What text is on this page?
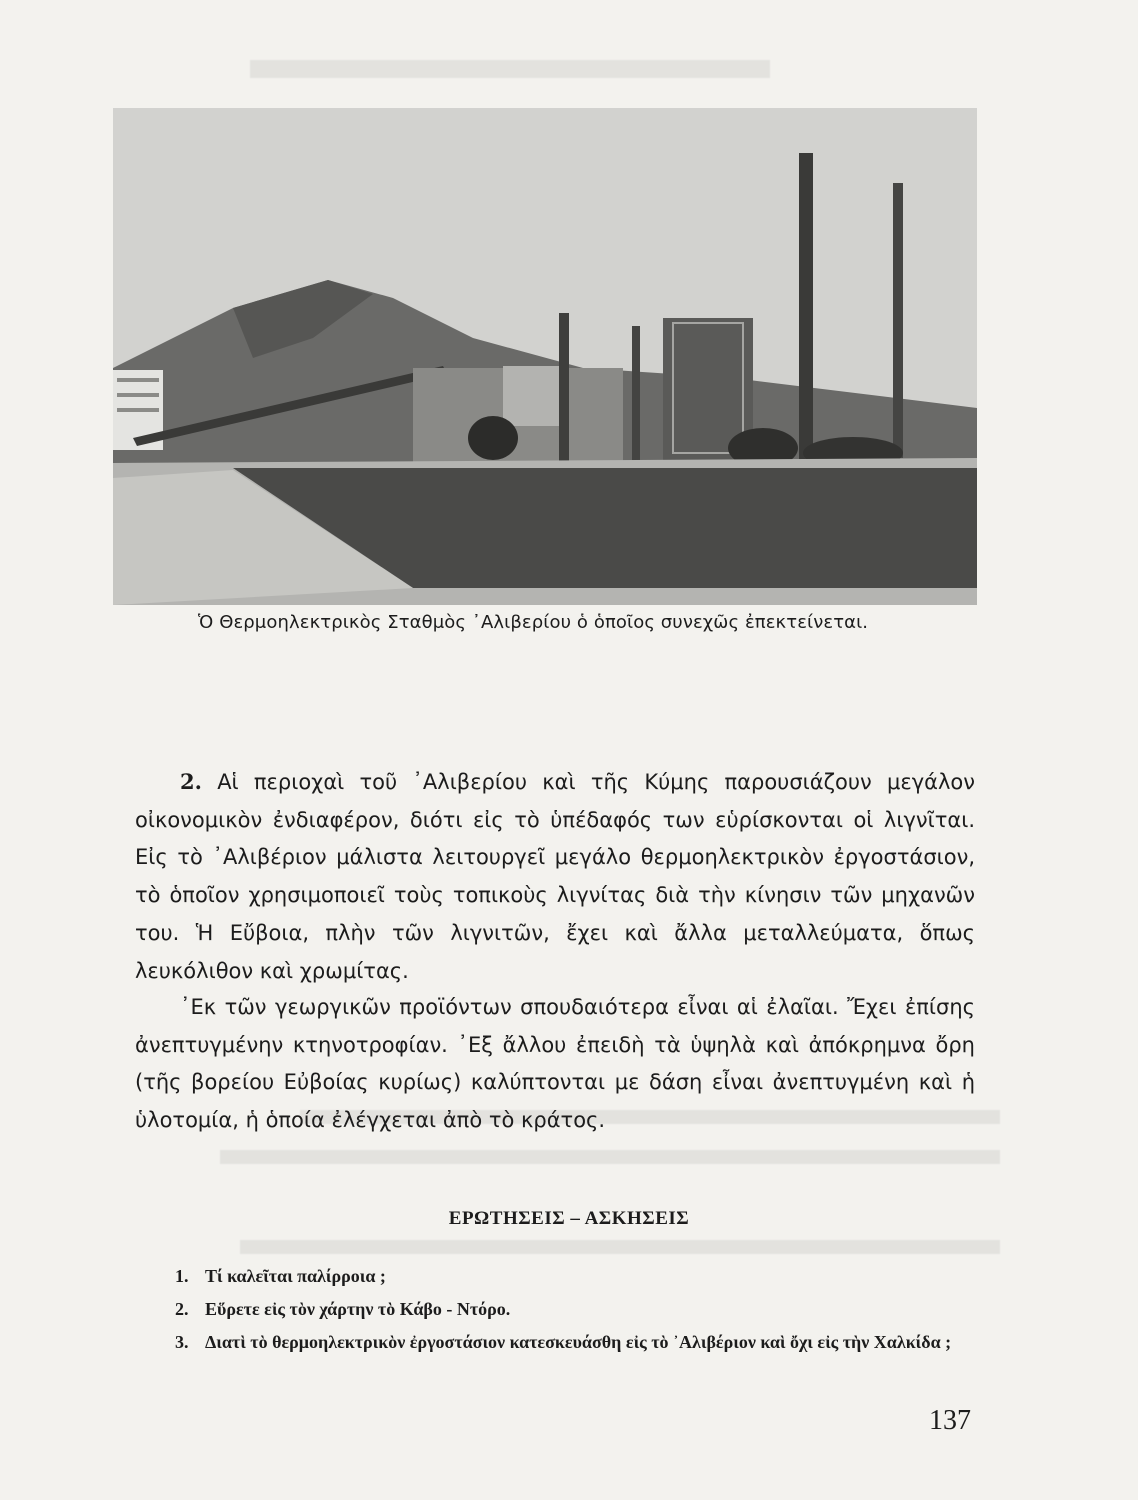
Ὁ Θερμοηλεκτρικὸς Σταθμὸς ᾿Αλιβερίου ὁ ὁποῖος συνεχῶς ἐπεκτείνεται.

2. Αἱ περιοχαὶ τοῦ ᾿Αλιβερίου καὶ τῆς Κύμης παρουσιάζουν μεγάλον οἰκονομικὸν ἐνδιαφέρον, διότι εἰς τὸ ὑπέδαφός των εὑρίσκονται οἱ λιγνῖται. Εἰς τὸ ᾿Αλιβέριον μάλιστα λειτουργεῖ μεγάλο θερμοηλεκτρικὸν ἐργοστάσιον, τὸ ὁποῖον χρησιμοποιεῖ τοὺς τοπικοὺς λιγνίτας διὰ τὴν κίνησιν τῶν μηχανῶν του. Ἡ Εὔβοια, πλὴν τῶν λιγνιτῶν, ἔχει καὶ ἄλλα μεταλλεύματα, ὅπως λευκόλιθον καὶ χρωμίτας.

᾿Εκ τῶν γεωργικῶν προϊόντων σπουδαιότερα εἶναι αἱ ἐλαῖαι. Ἔχει ἐπίσης ἀνεπτυγμένην κτηνοτροφίαν. ᾿Εξ ἄλλου ἐπειδὴ τὰ ὑψηλὰ καὶ ἀπόκρημνα ὄρη (τῆς βορείου Εὐβοίας κυρίως) καλύπτονται με δάση εἶναι ἀνεπτυγμένη καὶ ἡ ὑλοτομία, ἡ ὁποία ἐλέγχεται ἀπὸ τὸ κράτος.

ΕΡΩΤΗΣΕΙΣ – ΑΣΚΗΣΕΙΣ
1. Τί καλεῖται παλίρροια ;
2. Εὕρετε εἰς τὸν χάρτην τὸ Κάβο - Ντόρο.
3. Διατὶ τὸ θερμοηλεκτρικὸν ἐργοστάσιον κατεσκευάσθη εἰς τὸ ᾿Αλιβέριον καὶ ὄχι εἰς τὴν Χαλκίδα ;
137
